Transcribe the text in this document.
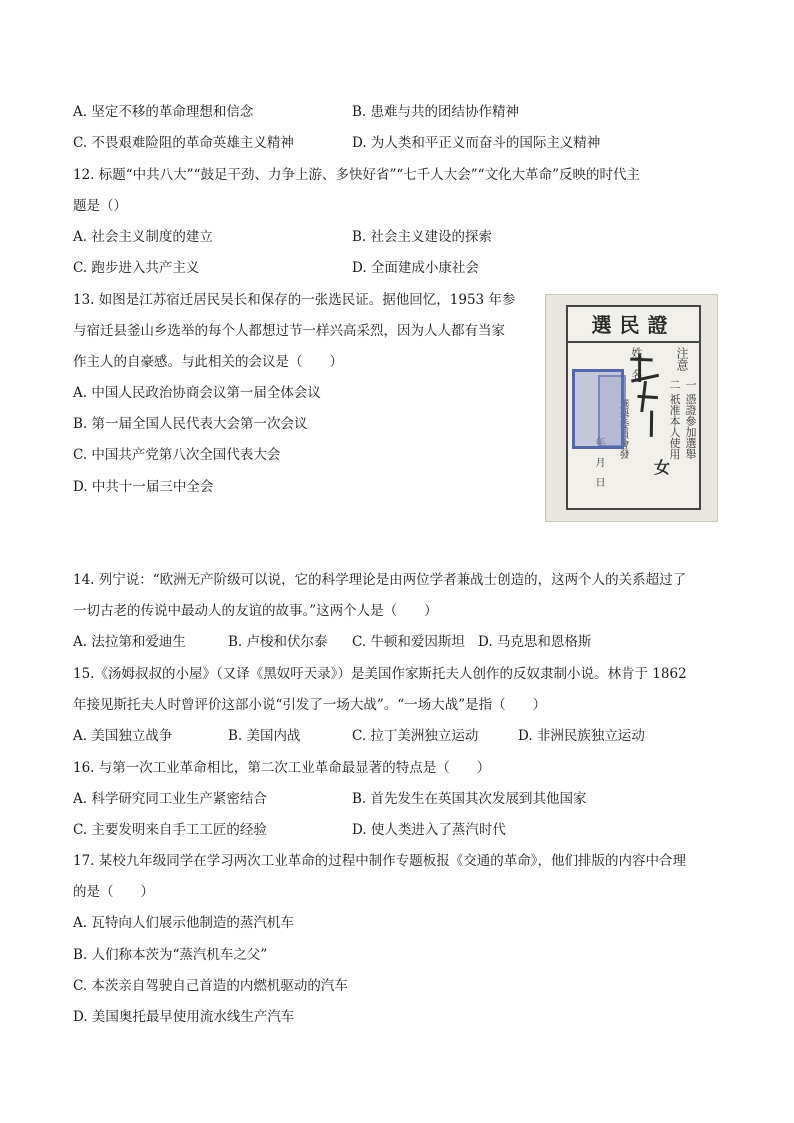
A. 坚定不移的革命理想和信念	B. 患难与共的团结协作精神
C. 不畏艰难险阻的革命英雄主义精神	D. 为人类和平正义而奋斗的国际主义精神
12. 标题“中共八大”“鼓足干劲、力争上游、多快好省”“七千人大会”“文化大革命”反映的时代主
题是（）
A. 社会主义制度的建立	B. 社会主义建设的探索
C. 跑步进入共产主义	D. 全面建成小康社会
13. 如图是江苏宿迁居民吴长和保存的一张选民证。据他回忆，1953 年参
与宿迁县釜山乡选举的每个人都想过节一样兴高采烈，因为人人都有当家
作主人的自豪感。与此相关的会议是（　　）
A. 中国人民政治协商会议第一届全体会议
B. 第一届全国人民代表大会第一次会议
C. 中国共产党第八次全国代表大会
D. 中共十一届三中全会
選民證
注意
一 憑證參加選舉
二 祇准本人使用
姓　名
選舉委員會發
年　月　日	女
14. 列宁说：“欧洲无产阶级可以说，它的科学理论是由两位学者兼战士创造的，这两个人的关系超过了
一切古老的传说中最动人的友谊的故事。”这两个人是（　　）
A. 法拉第和爱迪生	B. 卢梭和伏尔泰 C. 牛顿和爱因斯坦 D. 马克思和恩格斯
15.《汤姆叔叔的小屋》（又译《黑奴吁天录》）是美国作家斯托夫人创作的反奴隶制小说。林肯于 1862
年接见斯托夫人时曾评价这部小说“引发了一场大战”。“一场大战”是指（　　）
A. 美国独立战争	B. 美国内战	C. 拉丁美洲独立运动	D. 非洲民族独立运动
16. 与第一次工业革命相比，第二次工业革命最显著的特点是（　　）
A. 科学研究同工业生产紧密结合	B. 首先发生在英国其次发展到其他国家
C. 主要发明来自手工工匠的经验	D. 使人类进入了蒸汽时代
17. 某校九年级同学在学习两次工业革命的过程中制作专题板报《交通的革命》，他们排版的内容中合理
的是（　　）
A. 瓦特向人们展示他制造的蒸汽机车
B. 人们称本茨为“蒸汽机车之父”
C. 本茨亲自驾驶自己首造的内燃机驱动的汽车
D. 美国奥托最早使用流水线生产汽车
